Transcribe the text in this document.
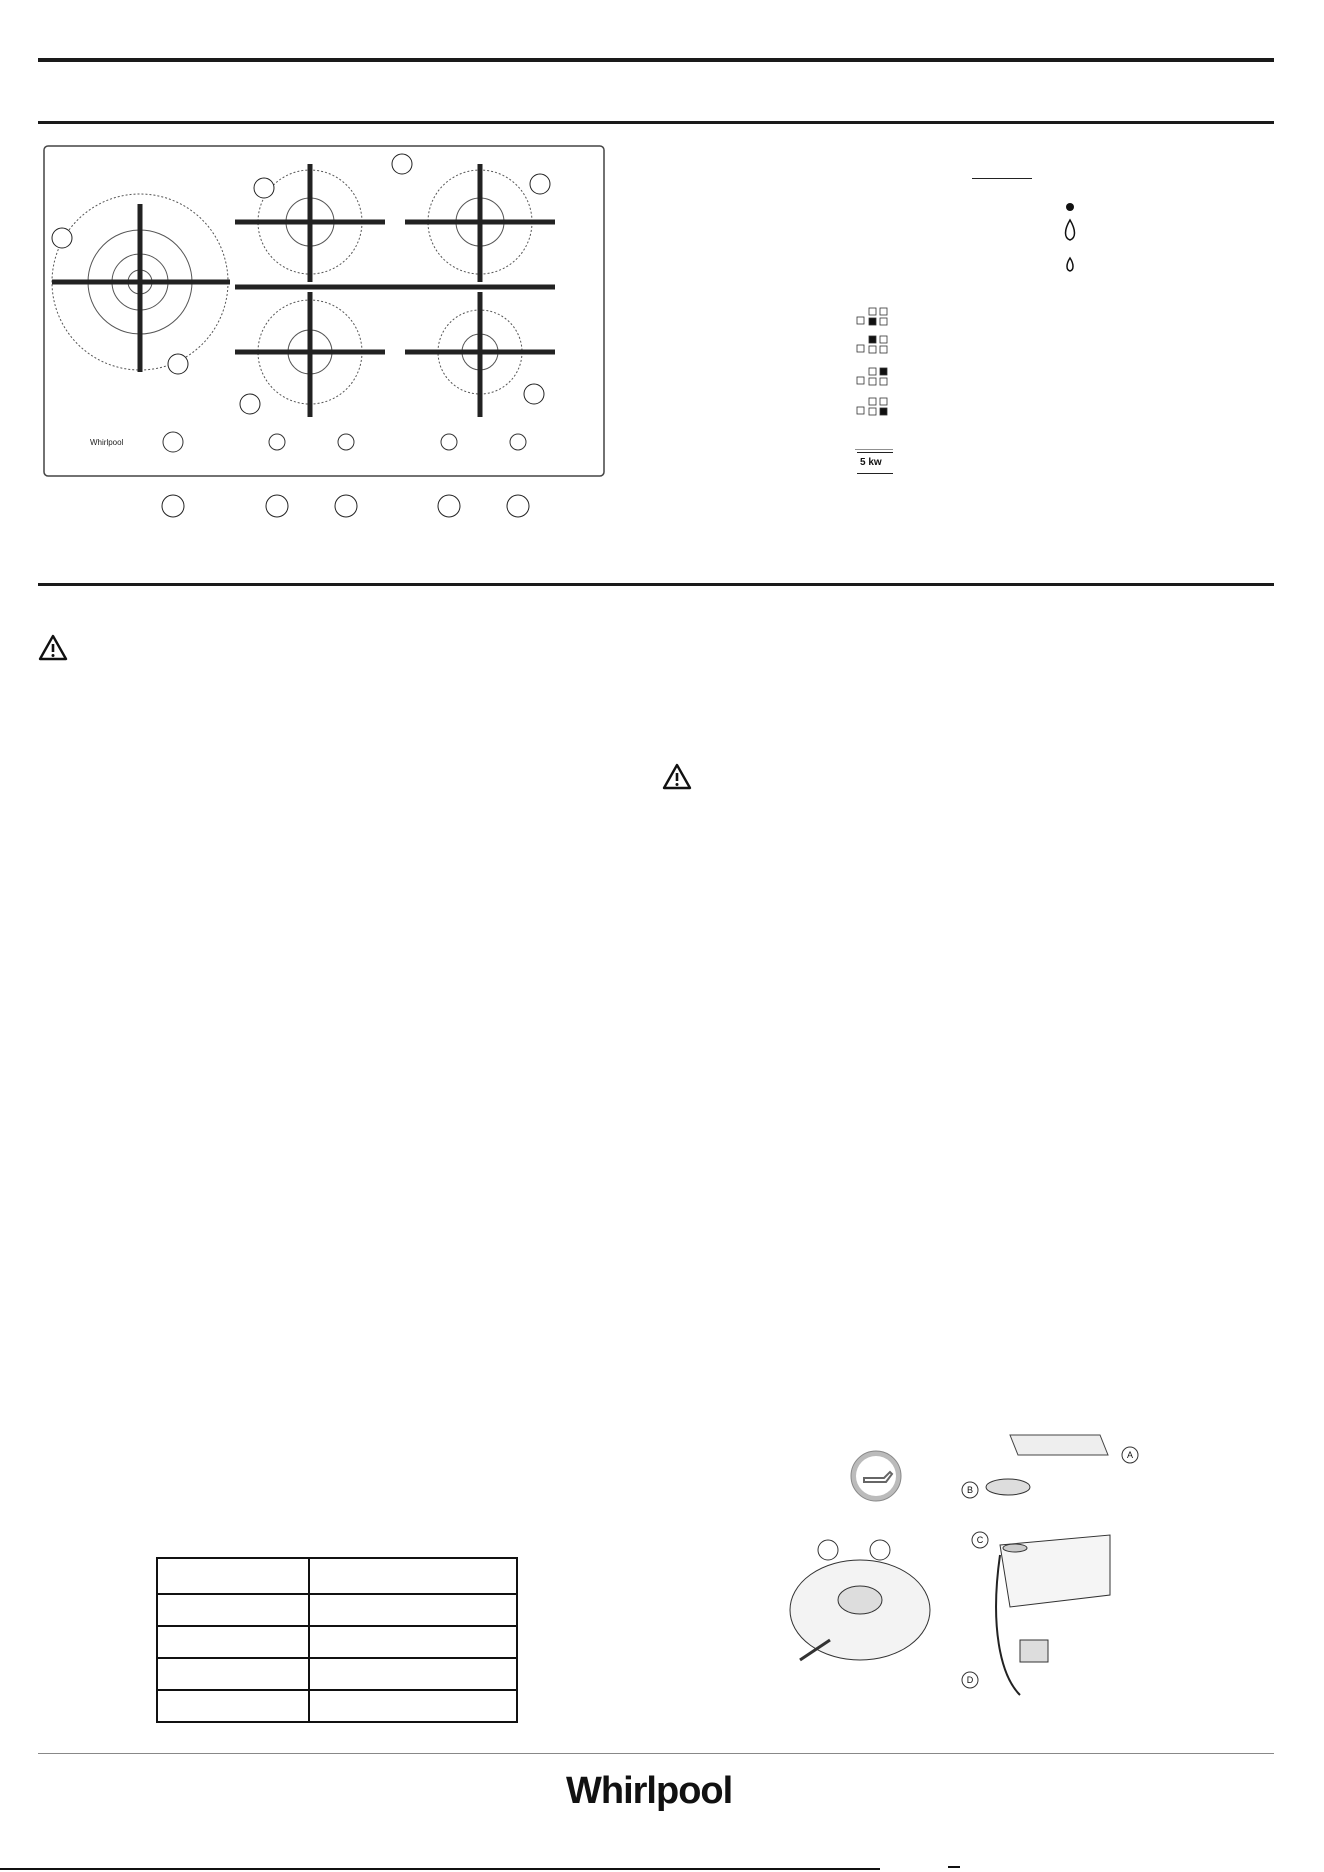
Whirlpool
5 kw

A
B
C
D
Whirlpool
